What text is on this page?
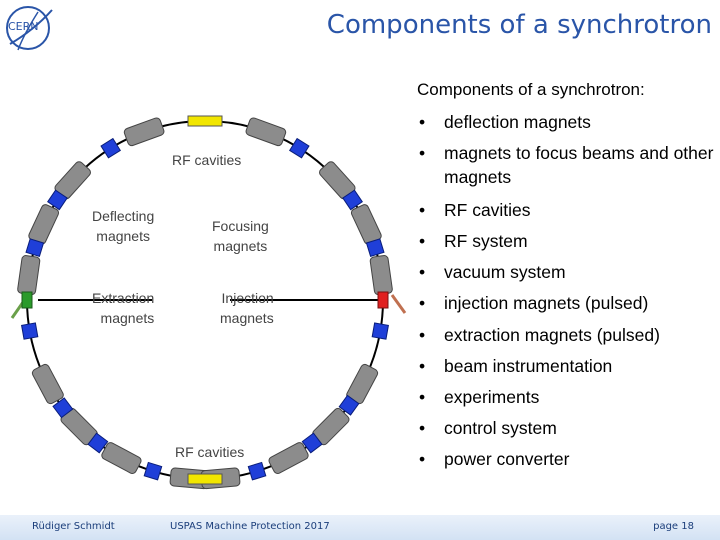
CERN	Components of a synchrotron
RF cavities
Deflecting
magnets
Focusing
magnets
Extraction
magnets
Injection
magnets
RF cavities
Components of a synchrotron:
• deflection magnets
• magnets to focus beams and other magnets
• RF cavities
• RF system
• vacuum system
• injection magnets (pulsed)
• extraction magnets (pulsed)
• beam instrumentation
• experiments
• control system
• power converter
Rüdiger Schmidt	USPAS Machine Protection 2017	page 18
